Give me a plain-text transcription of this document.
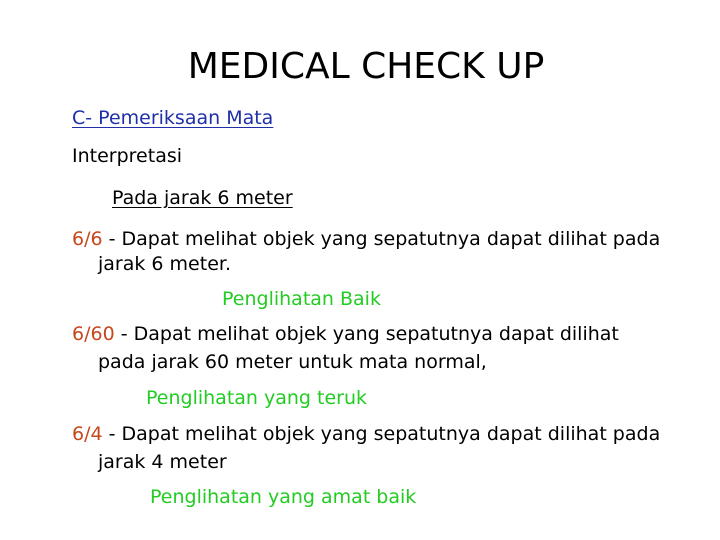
MEDICAL CHECK UP
C- Pemeriksaan Mata
Interpretasi
Pada jarak 6 meter
6/6 - Dapat melihat objek yang sepatutnya dapat dilihat pada
jarak 6 meter.
Penglihatan Baik
6/60 - Dapat melihat objek yang sepatutnya dapat dilihat
pada jarak 60 meter untuk mata normal,
Penglihatan yang teruk
6/4 - Dapat melihat objek yang sepatutnya dapat dilihat pada
jarak 4 meter
Penglihatan yang amat baik
